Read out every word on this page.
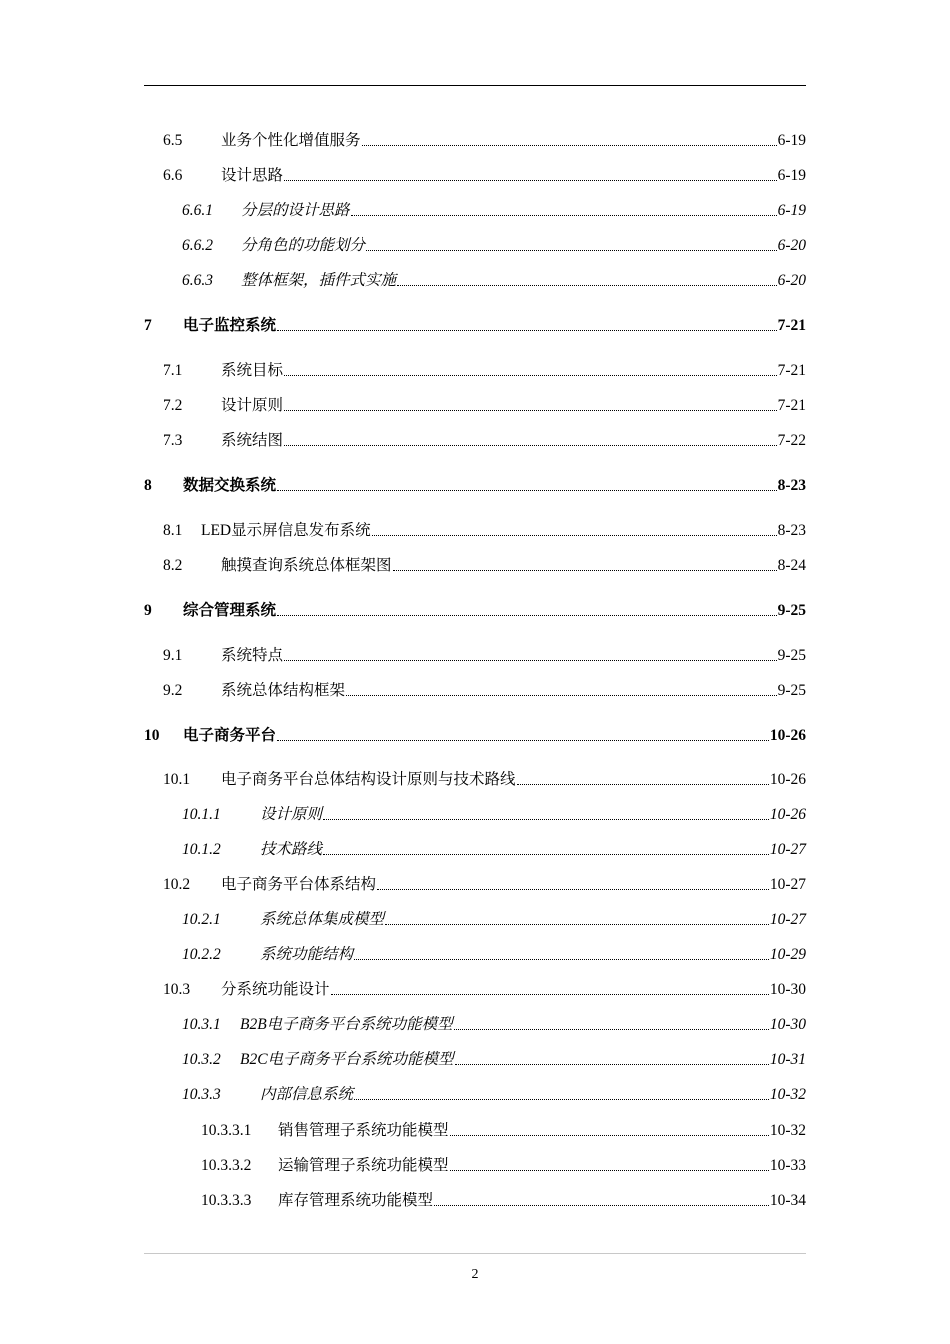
6.5	业务个性化增值服务	6-19
6.6	设计思路	6-19
6.6.1	分层的设计思路	6-19
6.6.2	分角色的功能划分	6-20
6.6.3	整体框架，插件式实施	6-20
7	电子监控系统	7-21
7.1	系统目标	7-21
7.2	设计原则	7-21
7.3	系统结图	7-22
8	数据交换系统	8-23
8.1	LED显示屏信息发布系统	8-23
8.2	触摸查询系统总体框架图	8-24
9	综合管理系统	9-25
9.1	系统特点	9-25
9.2	系统总体结构框架	9-25
10	电子商务平台	10-26
10.1	电子商务平台总体结构设计原则与技术路线	10-26
10.1.1	设计原则	10-26
10.1.2	技术路线	10-27
10.2	电子商务平台体系结构	10-27
10.2.1	系统总体集成模型	10-27
10.2.2	系统功能结构	10-29
10.3	分系统功能设计	10-30
10.3.1	B2B电子商务平台系统功能模型	10-30
10.3.2	B2C电子商务平台系统功能模型	10-31
10.3.3	内部信息系统	10-32
10.3.3.1	销售管理子系统功能模型	10-32
10.3.3.2	运输管理子系统功能模型	10-33
10.3.3.3	库存管理系统功能模型	10-34
2
